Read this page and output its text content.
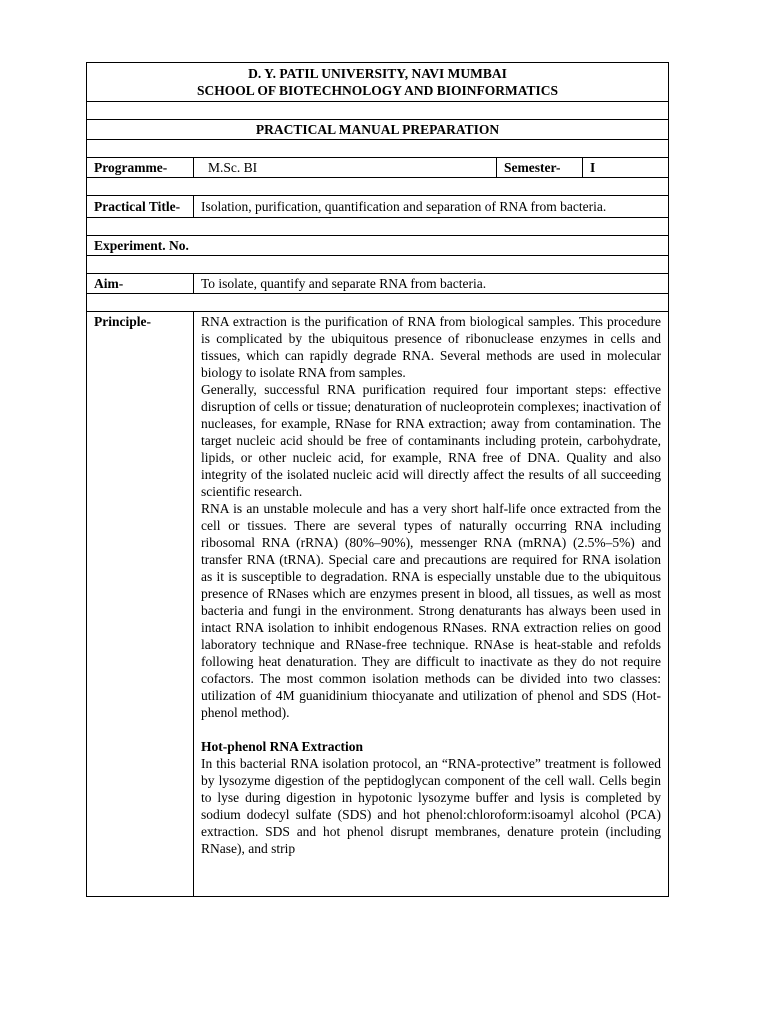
D. Y. PATIL UNIVERSITY, NAVI MUMBAI
SCHOOL OF BIOTECHNOLOGY AND BIOINFORMATICS			

PRACTICAL MANUAL PREPARATION			

Programme-	M.Sc. BI	Semester-	I

Practical Title-	Isolation, purification, quantification and separation of RNA from bacteria.		

Experiment. No.			

Aim-	To isolate, quantify and separate RNA from bacteria.		

Principle-	RNA extraction is the purification of RNA from biological samples. This procedure is complicated by the ubiquitous presence of ribonuclease enzymes in cells and tissues, which can rapidly degrade RNA. Several methods are used in molecular biology to isolate RNA from samples.

Generally, successful RNA purification required four important steps: effective disruption of cells or tissue; denaturation of nucleoprotein complexes; inactivation of nucleases, for example, RNase for RNA extraction; away from contamination. The target nucleic acid should be free of contaminants including protein, carbohydrate, lipids, or other nucleic acid, for example, RNA free of DNA. Quality and also integrity of the isolated nucleic acid will directly affect the results of all succeeding scientific research.

RNA is an unstable molecule and has a very short half-life once extracted from the cell or tissues. There are several types of naturally occurring RNA including ribosomal RNA (rRNA) (80%–90%), messenger RNA (mRNA) (2.5%–5%) and transfer RNA (tRNA). Special care and precautions are required for RNA isolation as it is susceptible to degradation. RNA is especially unstable due to the ubiquitous presence of RNases which are enzymes present in blood, all tissues, as well as most bacteria and fungi in the environment. Strong denaturants has always been used in intact RNA isolation to inhibit endogenous RNases. RNA extraction relies on good laboratory technique and RNase-free technique. RNAse is heat-stable and refolds following heat denaturation. They are difficult to inactivate as they do not require cofactors. The most common isolation methods can be divided into two classes: utilization of 4M guanidinium thiocyanate and utilization of phenol and SDS (Hot-phenol method).

Hot-phenol RNA Extraction

In this bacterial RNA isolation protocol, an “RNA-protective” treatment is followed by lysozyme digestion of the peptidoglycan component of the cell wall. Cells begin to lyse during digestion in hypotonic lysozyme buffer and lysis is completed by sodium dodecyl sulfate (SDS) and hot phenol:chloroform:isoamyl alcohol (PCA) extraction. SDS and hot phenol disrupt membranes, denature protein (including RNase), and strip		
